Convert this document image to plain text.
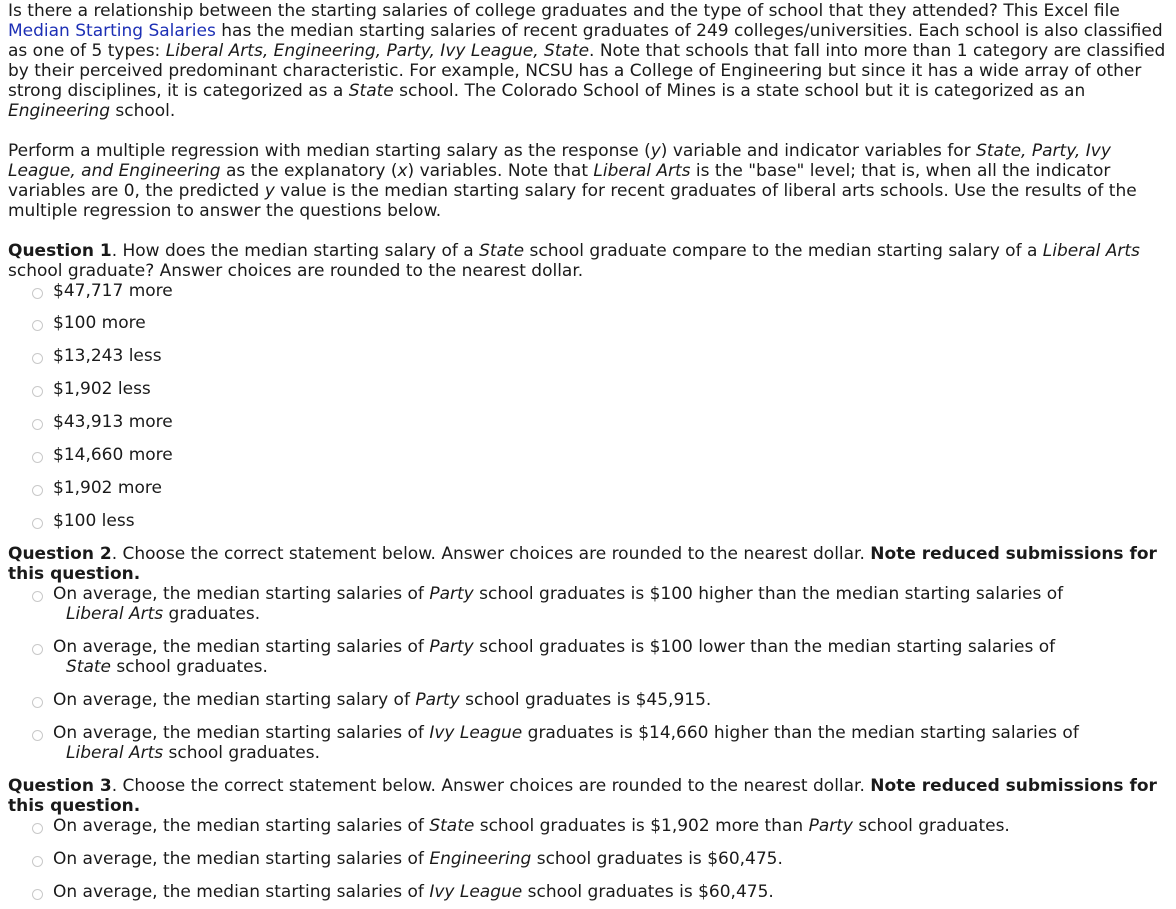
Is there a relationship between the starting salaries of college graduates and the type of school that they attended? This Excel file Median Starting Salaries has the median starting salaries of recent graduates of 249 colleges/universities. Each school is also classified as one of 5 types: Liberal Arts, Engineering, Party, Ivy League, State. Note that schools that fall into more than 1 category are classified by their perceived predominant characteristic. For example, NCSU has a College of Engineering but since it has a wide array of other strong disciplines, it is categorized as a State school. The Colorado School of Mines is a state school but it is categorized as an Engineering school.

Perform a multiple regression with median starting salary as the response (y) variable and indicator variables for State, Party, Ivy League, and Engineering as the explanatory (x) variables. Note that Liberal Arts is the "base" level; that is, when all the indicator variables are 0, the predicted y value is the median starting salary for recent graduates of liberal arts schools. Use the results of the multiple regression to answer the questions below.

Question 1. How does the median starting salary of a State school graduate compare to the median starting salary of a Liberal Arts school graduate? Answer choices are rounded to the nearest dollar.

$47,717 more
$100 more
$13,243 less
$1,902 less
$43,913 more
$14,660 more
$1,902 more
$100 less

Question 2. Choose the correct statement below. Answer choices are rounded to the nearest dollar. Note reduced submissions for this question.

On average, the median starting salaries of Party school graduates is $100 higher than the median starting salaries of
Liberal Arts graduates.
On average, the median starting salaries of Party school graduates is $100 lower than the median starting salaries of
State school graduates.
On average, the median starting salary of Party school graduates is $45,915.
On average, the median starting salaries of Ivy League graduates is $14,660 higher than the median starting salaries of
Liberal Arts school graduates.

Question 3. Choose the correct statement below. Answer choices are rounded to the nearest dollar. Note reduced submissions for this question.

On average, the median starting salaries of State school graduates is $1,902 more than Party school graduates.
On average, the median starting salaries of Engineering school graduates is $60,475.
On average, the median starting salaries of Ivy League school graduates is $60,475.
